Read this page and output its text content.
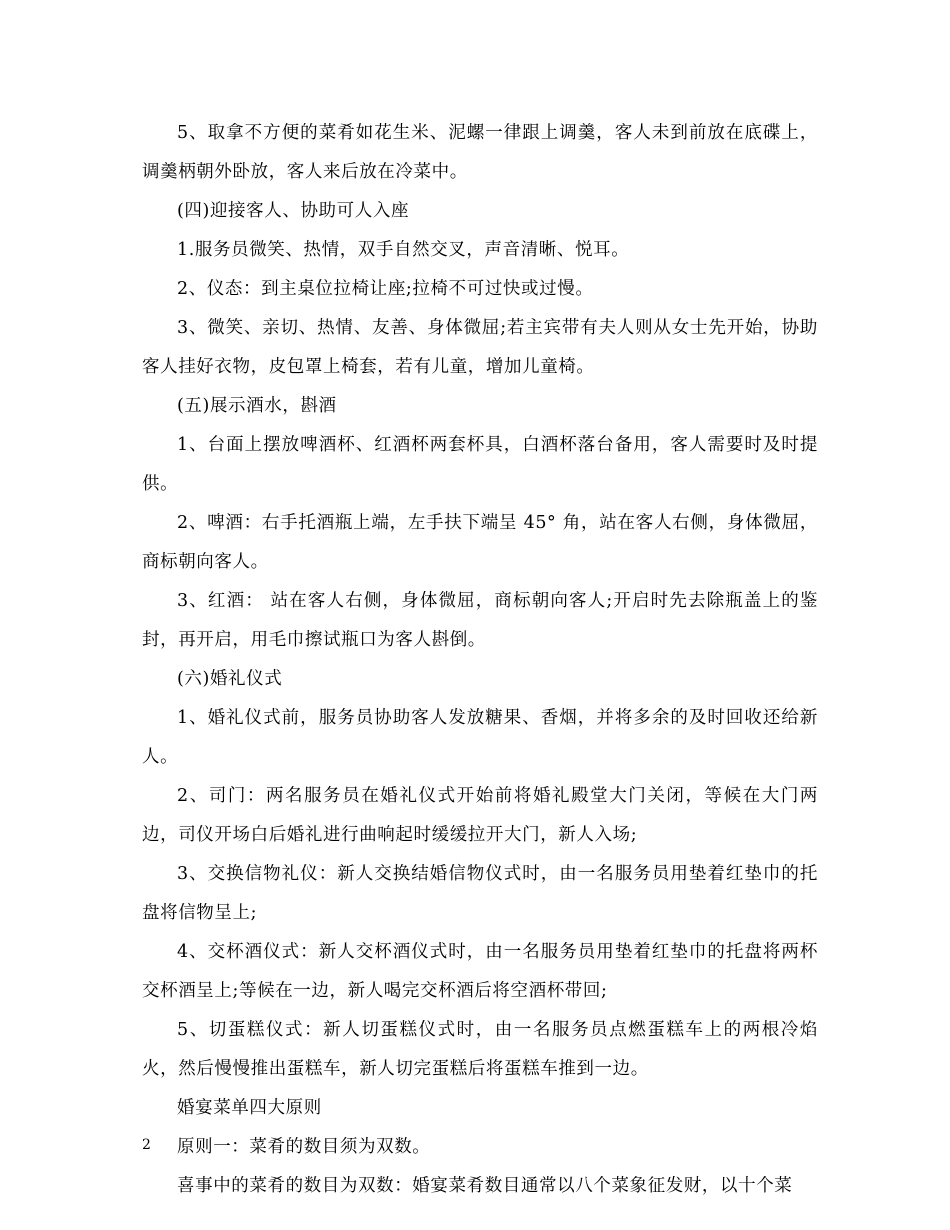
5、取拿不方便的菜肴如花生米、泥螺一律跟上调羹，客人未到前放在底碟上，调羹柄朝外卧放，客人来后放在冷菜中。

(四)迎接客人、协助可人入座

1.服务员微笑、热情，双手自然交叉，声音清晰、悦耳。

2、仪态：到主桌位拉椅让座;拉椅不可过快或过慢。

3、微笑、亲切、热情、友善、身体微屈;若主宾带有夫人则从女士先开始，协助客人挂好衣物，皮包罩上椅套，若有儿童，增加儿童椅。

(五)展示酒水，斟酒

1、台面上摆放啤酒杯、红酒杯两套杯具，白酒杯落台备用，客人需要时及时提供。

2、啤酒：右手托酒瓶上端，左手扶下端呈 45° 角，站在客人右侧，身体微屈，商标朝向客人。

3、红酒： 站在客人右侧，身体微屈，商标朝向客人;开启时先去除瓶盖上的鉴封，再开启，用毛巾擦试瓶口为客人斟倒。

(六)婚礼仪式

1、婚礼仪式前，服务员协助客人发放糖果、香烟，并将多余的及时回收还给新人。

2、司门：两名服务员在婚礼仪式开始前将婚礼殿堂大门关闭，等候在大门两边，司仪开场白后婚礼进行曲响起时缓缓拉开大门，新人入场;

3、交换信物礼仪：新人交换结婚信物仪式时，由一名服务员用垫着红垫巾的托盘将信物呈上;

4、交杯酒仪式：新人交杯酒仪式时，由一名服务员用垫着红垫巾的托盘将两杯交杯酒呈上;等候在一边，新人喝完交杯酒后将空酒杯带回;

5、切蛋糕仪式：新人切蛋糕仪式时，由一名服务员点燃蛋糕车上的两根冷焰火，然后慢慢推出蛋糕车，新人切完蛋糕后将蛋糕车推到一边。

婚宴菜单四大原则

原则一：菜肴的数目须为双数。

喜事中的菜肴的数目为双数：婚宴菜肴数目通常以八个菜象征发财，以十个菜

2
